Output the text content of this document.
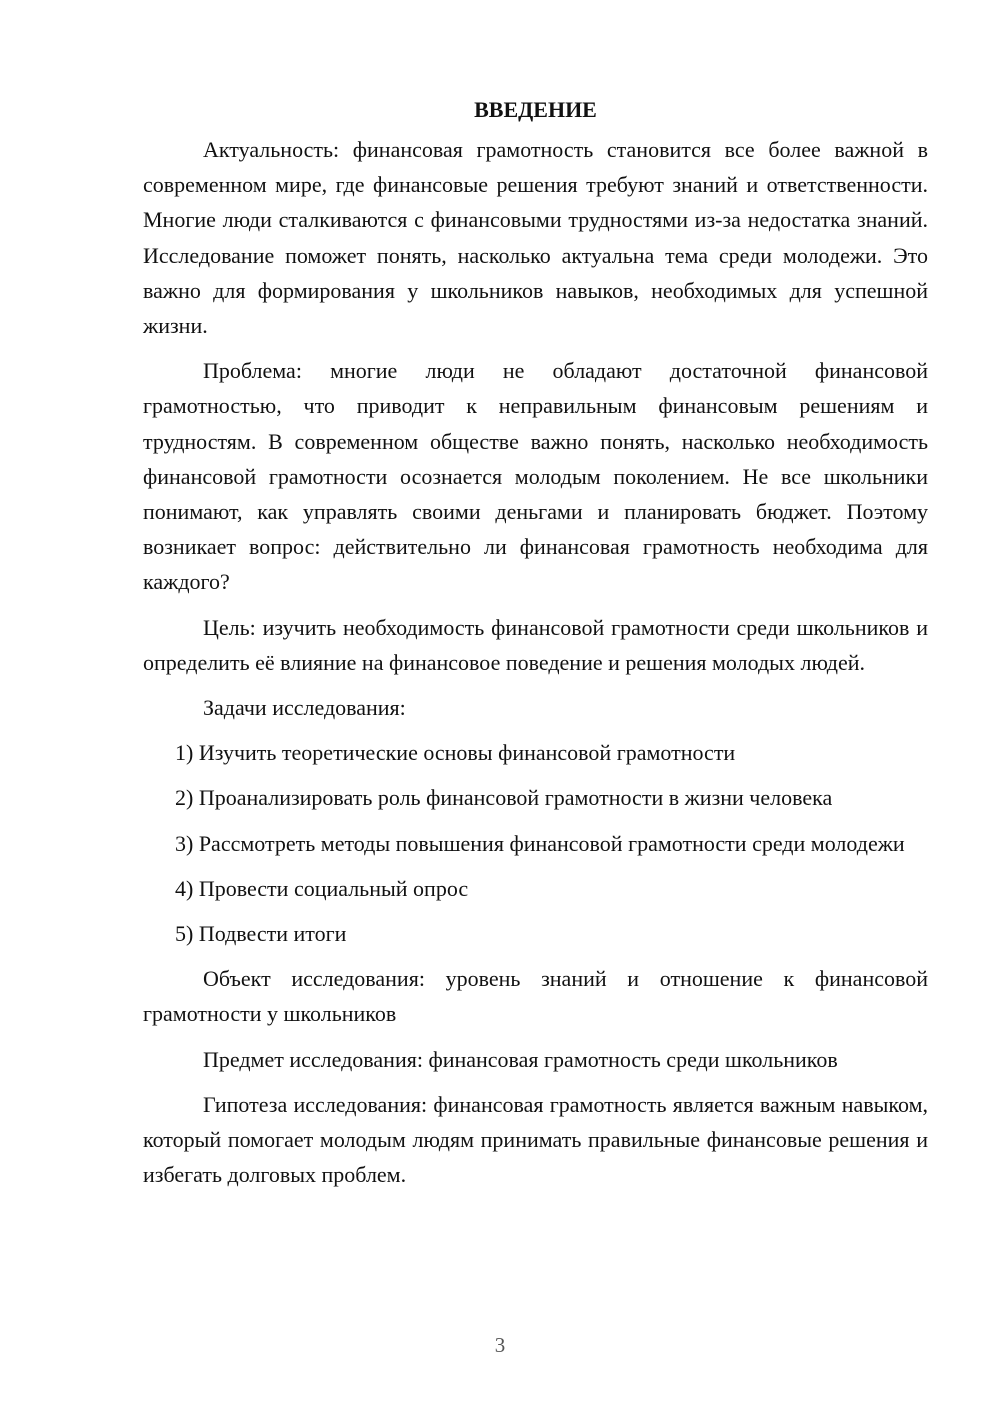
ВВЕДЕНИЕ

Актуальность: финансовая грамотность становится все более важной в современном мире, где финансовые решения требуют знаний и ответственности. Многие люди сталкиваются с финансовыми трудностями из-за недостатка знаний. Исследование поможет понять, насколько актуальна тема среди молодежи. Это важно для формирования у школьников навыков, необходимых для успешной жизни.

Проблема: многие люди не обладают достаточной финансовой грамотностью, что приводит к неправильным финансовым решениям и трудностям. В современном обществе важно понять, насколько необходимость финансовой грамотности осознается молодым поколением. Не все школьники понимают, как управлять своими деньгами и планировать бюджет. Поэтому возникает вопрос: действительно ли финансовая грамотность необходима для каждого?

Цель: изучить необходимость финансовой грамотности среди школьников и определить её влияние на финансовое поведение и решения молодых людей.

Задачи исследования:

1) Изучить теоретические основы финансовой грамотности

2) Проанализировать роль финансовой грамотности в жизни человека

3) Рассмотреть методы повышения финансовой грамотности среди молодежи

4) Провести социальный опрос

5) Подвести итоги

Объект исследования: уровень знаний и отношение к финансовой грамотности у школьников

Предмет исследования: финансовая грамотность среди школьников

Гипотеза исследования: финансовая грамотность является важным навыком, который помогает молодым людям принимать правильные финансовые решения и избегать долговых проблем.

3
